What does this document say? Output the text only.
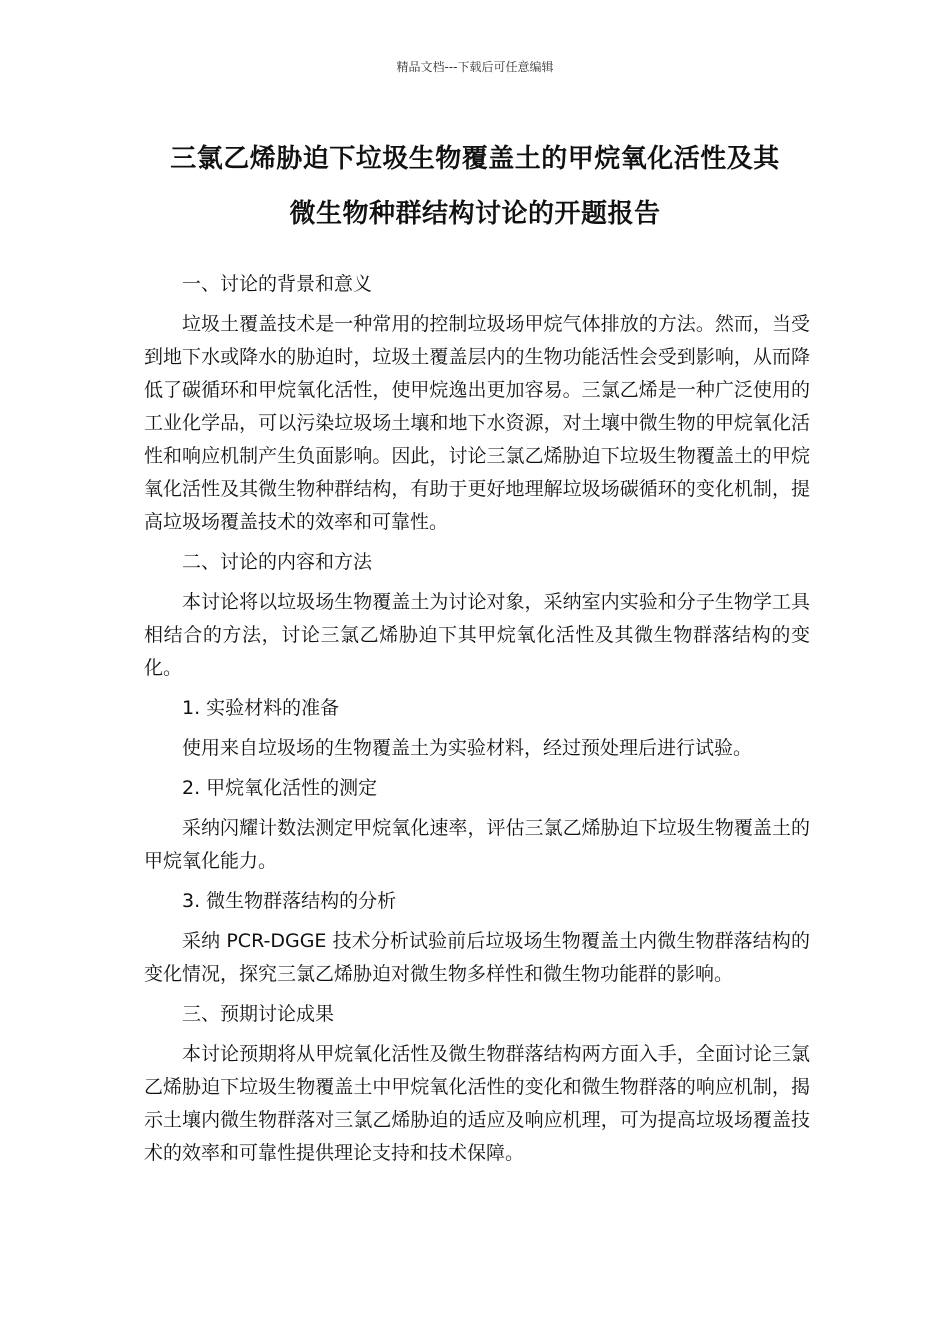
精品文档---下载后可任意编辑
三氯乙烯胁迫下垃圾生物覆盖土的甲烷氧化活性及其
微生物种群结构讨论的开题报告

一、讨论的背景和意义

垃圾土覆盖技术是一种常用的控制垃圾场甲烷气体排放的方法。然而，当受到地下水或降水的胁迫时，垃圾土覆盖层内的生物功能活性会受到影响，从而降低了碳循环和甲烷氧化活性，使甲烷逸出更加容易。三氯乙烯是一种广泛使用的工业化学品，可以污染垃圾场土壤和地下水资源，对土壤中微生物的甲烷氧化活性和响应机制产生负面影响。因此，讨论三氯乙烯胁迫下垃圾生物覆盖土的甲烷氧化活性及其微生物种群结构，有助于更好地理解垃圾场碳循环的变化机制，提高垃圾场覆盖技术的效率和可靠性。

二、讨论的内容和方法

本讨论将以垃圾场生物覆盖土为讨论对象，采纳室内实验和分子生物学工具相结合的方法，讨论三氯乙烯胁迫下其甲烷氧化活性及其微生物群落结构的变化。

1. 实验材料的准备

使用来自垃圾场的生物覆盖土为实验材料，经过预处理后进行试验。

2. 甲烷氧化活性的测定

采纳闪耀计数法测定甲烷氧化速率，评估三氯乙烯胁迫下垃圾生物覆盖土的甲烷氧化能力。

3. 微生物群落结构的分析

采纳 PCR-DGGE 技术分析试验前后垃圾场生物覆盖土内微生物群落结构的变化情况，探究三氯乙烯胁迫对微生物多样性和微生物功能群的影响。

三、预期讨论成果

本讨论预期将从甲烷氧化活性及微生物群落结构两方面入手，全面讨论三氯乙烯胁迫下垃圾生物覆盖土中甲烷氧化活性的变化和微生物群落的响应机制，揭示土壤内微生物群落对三氯乙烯胁迫的适应及响应机理，可为提高垃圾场覆盖技术的效率和可靠性提供理论支持和技术保障。
